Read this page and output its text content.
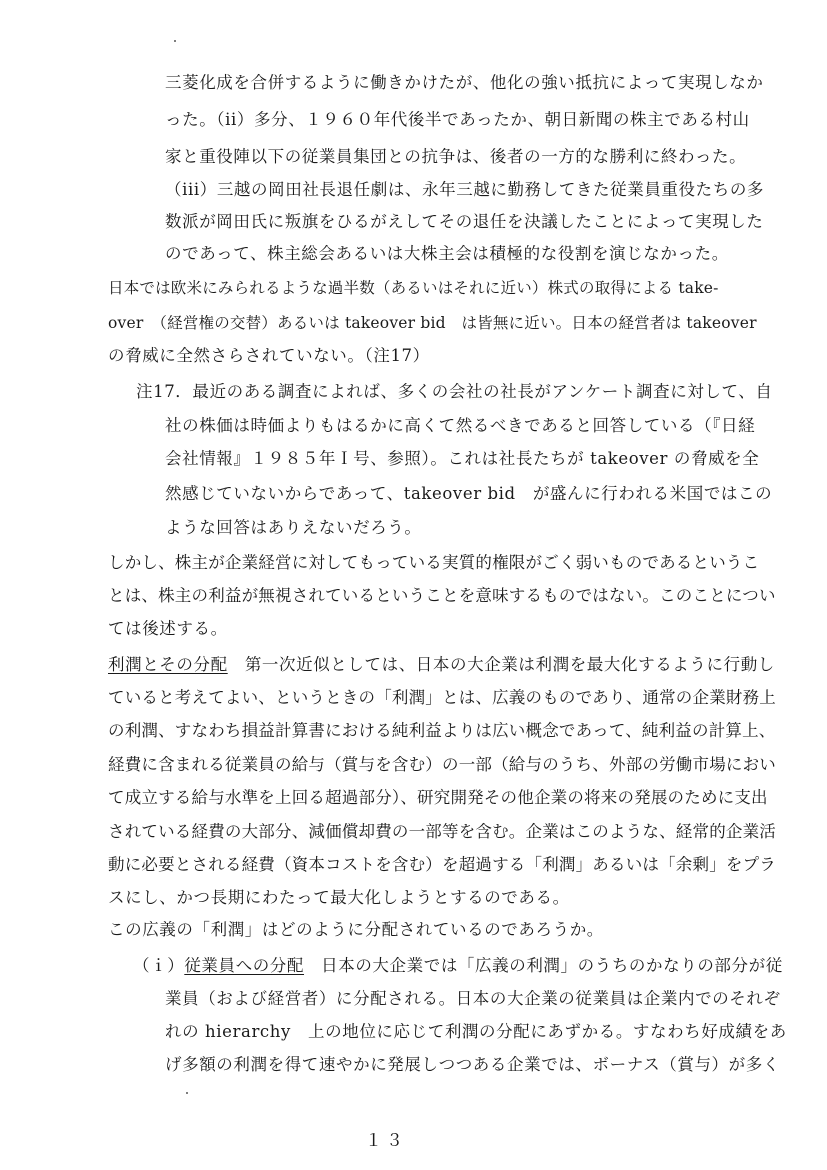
三菱化成を合併するように働きかけたが、他化の強い抵抗によって実現しなか
った。（ii）多分、１９６０年代後半であったか、朝日新聞の株主である村山
家と重役陣以下の従業員集団との抗争は、後者の一方的な勝利に終わった。
（iii）三越の岡田社長退任劇は、永年三越に勤務してきた従業員重役たちの多
数派が岡田氏に叛旗をひるがえしてその退任を決議したことによって実現した
のであって、株主総会あるいは大株主会は積極的な役割を演じなかった。
日本では欧米にみられるような過半数（あるいはそれに近い）株式の取得による take-
over　（経営権の交替）あるいは takeover bid　は皆無に近い。日本の経営者は takeover
の脅威に全然さらされていない。（注17）
注17．最近のある調査によれば、多くの会社の社長がアンケート調査に対して、自
社の株価は時価よりもはるかに高くて然るべきであると回答している（『日経
会社情報』１９８５年Ｉ号、参照）。これは社長たちが takeover の脅威を全
然感じていないからであって、takeover bid　が盛んに行われる米国ではこの
ような回答はありえないだろう。
しかし、株主が企業経営に対してもっている実質的権限がごく弱いものであるというこ
とは、株主の利益が無視されているということを意味するものではない。このことについ
ては後述する。
利潤とその分配　 第一次近似としては、日本の大企業は利潤を最大化するように行動し
ていると考えてよい、というときの「利潤」とは、広義のものであり、通常の企業財務上
の利潤、すなわち損益計算書における純利益よりは広い概念であって、純利益の計算上、
経費に含まれる従業員の給与（賞与を含む）の一部（給与のうち、外部の労働市場におい
て成立する給与水準を上回る超過部分）、研究開発その他企業の将来の発展のために支出
されている経費の大部分、減価償却費の一部等を含む。企業はこのような、経常的企業活
動に必要とされる経費（資本コストを含む）を超過する「利潤」あるいは「余剰」をプラ
スにし、かつ長期にわたって最大化しようとするのである。
この広義の「利潤」はどのように分配されているのであろうか。
（ｉ）従業員への分配　 日本の大企業では「広義の利潤」のうちのかなりの部分が従
業員（および経営者）に分配される。日本の大企業の従業員は企業内でのそれぞ
れの hierarchy　上の地位に応じて利潤の分配にあずかる。すなわち好成績をあ
げ多額の利潤を得て速やかに発展しつつある企業では、ボーナス（賞与）が多く
１３
